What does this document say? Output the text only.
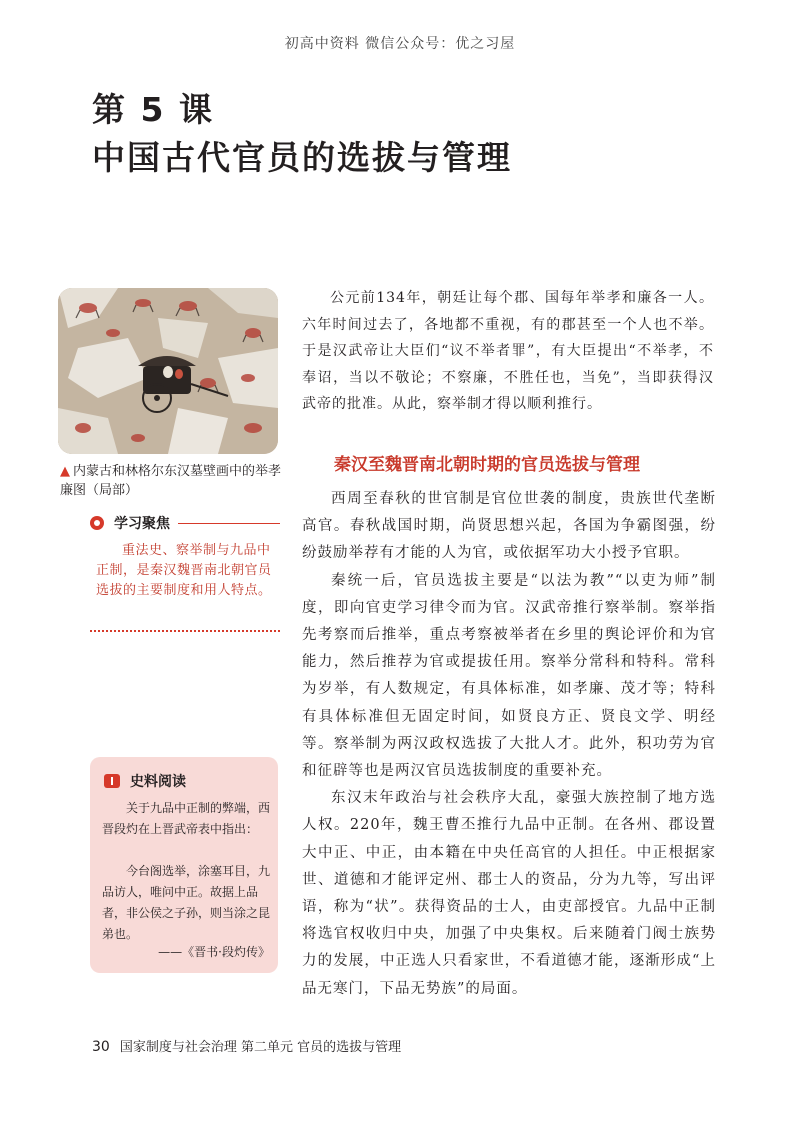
初高中资料 微信公众号：优之习屋
第 5 课
中国古代官员的选拔与管理
▲ 内蒙古和林格尔东汉墓壁画中的举孝廉图（局部）
学习聚焦
重法史、察举制与九品中正制，是秦汉魏晋南北朝官员选拔的主要制度和用人特点。
史料阅读
关于九品中正制的弊端，西晋段灼在上晋武帝表中指出：
今台阁选举，涂塞耳目，九品访人，唯问中正。故据上品者，非公侯之子孙，则当涂之昆弟也。
——《晋书·段灼传》
公元前134年，朝廷让每个郡、国每年举孝和廉各一人。六年时间过去了，各地都不重视，有的郡甚至一个人也不举。于是汉武帝让大臣们“议不举者罪”，有大臣提出“不举孝，不奉诏，当以不敬论；不察廉，不胜任也，当免”，当即获得汉武帝的批准。从此，察举制才得以顺利推行。
秦汉至魏晋南北朝时期的官员选拔与管理

西周至春秋的世官制是官位世袭的制度，贵族世代垄断高官。春秋战国时期，尚贤思想兴起，各国为争霸图强，纷纷鼓励举荐有才能的人为官，或依据军功大小授予官职。

秦统一后，官员选拔主要是“以法为教”“以吏为师”制度，即向官吏学习律令而为官。汉武帝推行察举制。察举指先考察而后推举，重点考察被举者在乡里的舆论评价和为官能力，然后推荐为官或提拔任用。察举分常科和特科。常科为岁举，有人数规定，有具体标准，如孝廉、茂才等；特科有具体标准但无固定时间，如贤良方正、贤良文学、明经等。察举制为两汉政权选拔了大批人才。此外，积功劳为官和征辟等也是两汉官员选拔制度的重要补充。

东汉末年政治与社会秩序大乱，豪强大族控制了地方选人权。220年，魏王曹丕推行九品中正制。在各州、郡设置大中正、中正，由本籍在中央任高官的人担任。中正根据家世、道德和才能评定州、郡士人的资品，分为九等，写出评语，称为“状”。获得资品的士人，由吏部授官。九品中正制将选官权收归中央，加强了中央集权。后来随着门阀士族势力的发展，中正选人只看家世，不看道德才能，逐渐形成“上品无寒门，下品无势族”的局面。

30 国家制度与社会治理 第二单元 官员的选拔与管理
